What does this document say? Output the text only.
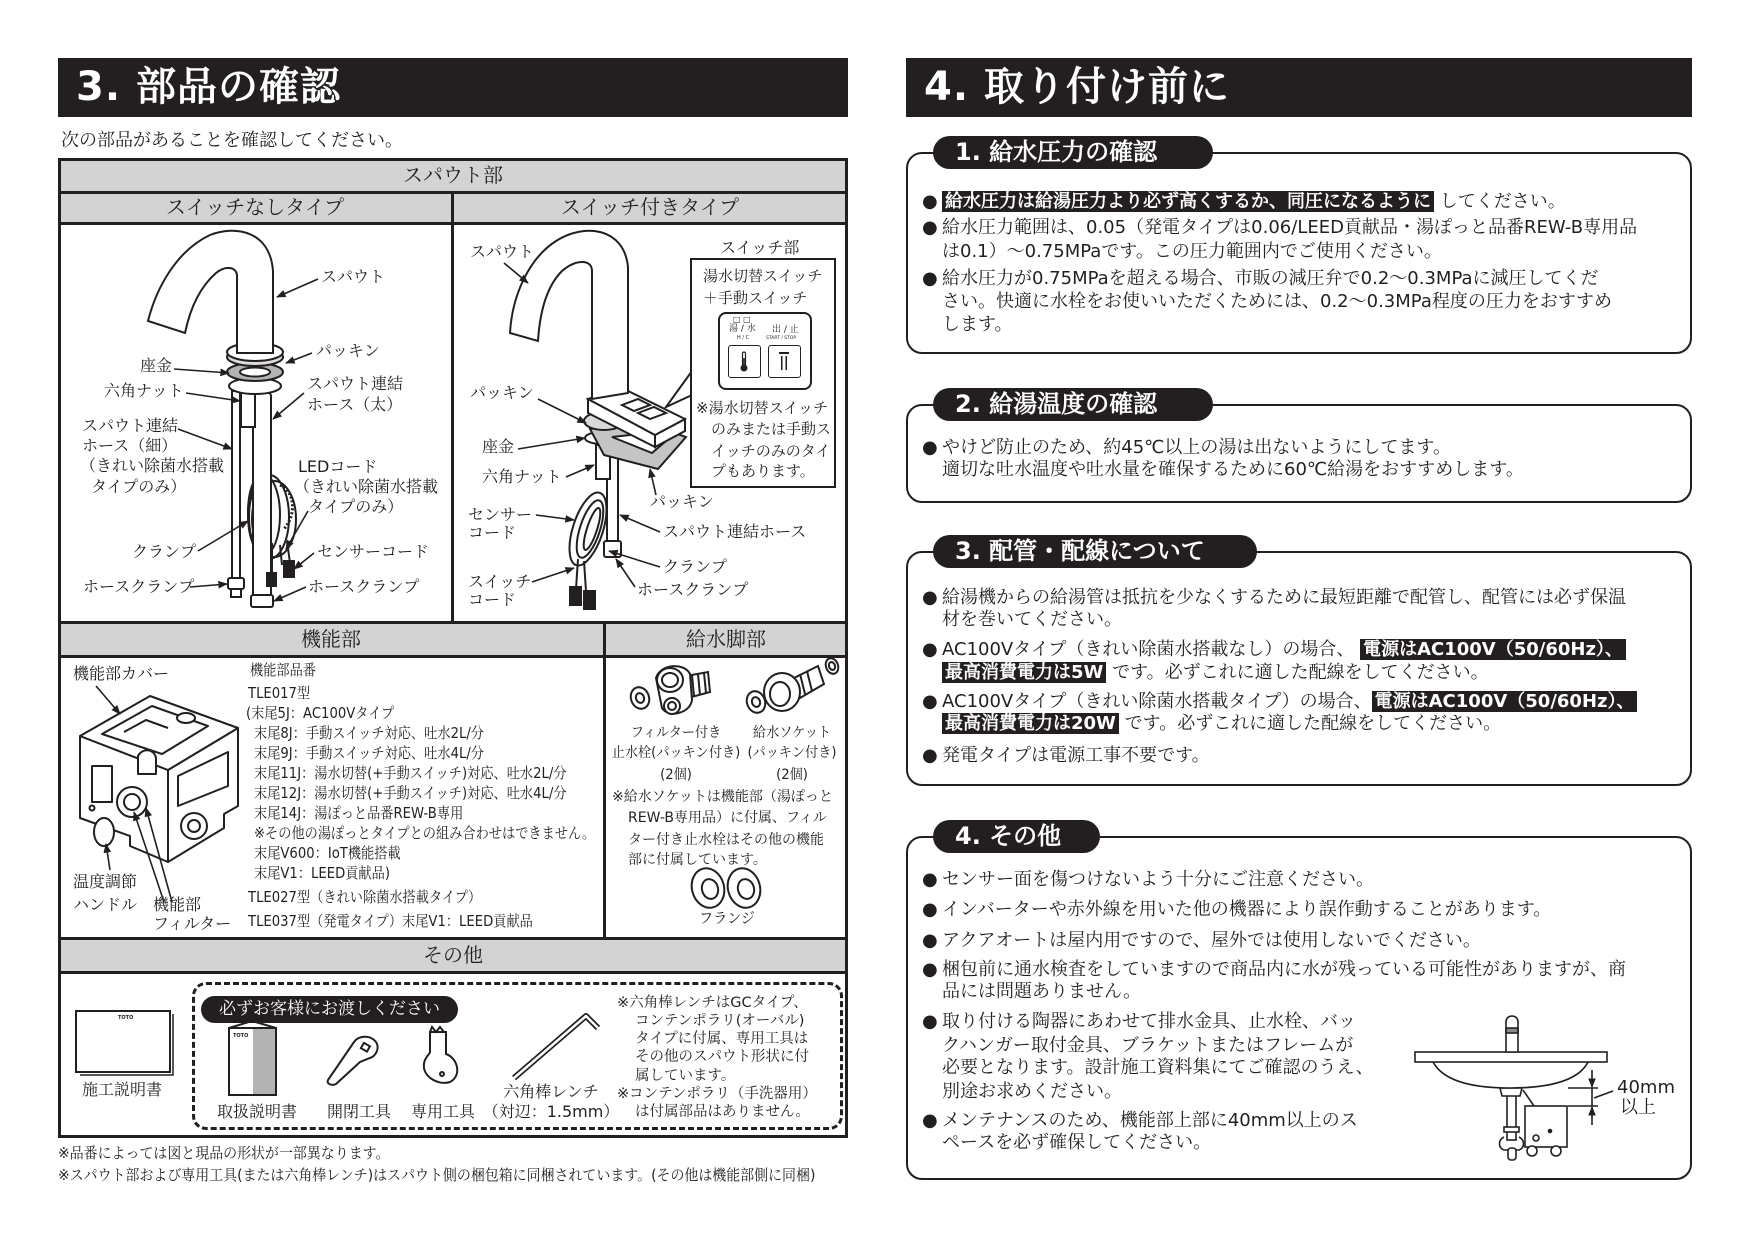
3. 部品の確認
次の部品があることを確認してください。
スパウト部
スイッチなしタイプ	スイッチ付きタイプ
機能部	給水脚部
その他
スパウト
パッキン
座金
六角ナット	スパウト連結
ホース（太）
スパウト連結
ホース（細）
（きれい除菌水搭載
タイプのみ）
LEDコード
（きれい除菌水搭載
タイプのみ）
クランプ	センサーコード
ホースクランプ	ホースクランプ
スパウト	スイッチ部
パッキン
座金
六角ナット
パッキン
センサー
コード	スパウト連結ホース
クランプ
スイッチ
コード
ホースクランプ
湯水切替スイッチ
＋手動スイッチ
□ □
湯 / 水
H / C
出 / 止
START / STOP
※湯水切替スイッチ
のみまたは手動ス
イッチのみのタイ
プもあります。
機能部カバー
温度調節
ハンドル 機能部
フィルター
機能部品番
TLE017型
(末尾5J：AC100Vタイプ
末尾8J：手動スイッチ対応、吐水2L/分
末尾9J：手動スイッチ対応、吐水4L/分
末尾11J：湯水切替(+手動スイッチ)対応、吐水2L/分
末尾12J：湯水切替(+手動スイッチ)対応、吐水4L/分
末尾14J：湯ぽっと品番REW-B専用
※その他の湯ぽっとタイプとの組み合わせはできません。
末尾V600：IoT機能搭載
末尾V1：LEED貢献品)
TLE027型（きれい除菌水搭載タイプ）
TLE037型（発電タイプ）末尾V1：LEED貢献品
フィルター付き
止水栓(パッキン付き)
(2個)
給水ソケット
(パッキン付き)
(2個)
※給水ソケットは機能部（湯ぽっと
REW-B専用品）に付属、フィル
ター付き止水栓はその他の機能
部に付属しています。
フランジ
TOTO
TOTO
施工説明書
必ずお客様にお渡しください
取扱説明書 開閉工具 専用工具
六角棒レンチ
（対辺：1.5mm）
※六角棒レンチはGCタイプ、
コンテンポラリ(オーバル)
タイプに付属、専用工具は
その他のスパウト形状に付
属しています。
※コンテンポラリ（手洗器用）
は付属部品はありません。
※品番によっては図と現品の形状が一部異なります。
※スパウト部および専用工具(または六角棒レンチ)はスパウト側の梱包箱に同梱されています。(その他は機能部側に同梱)
4. 取り付け前に
1. 給水圧力の確認
● 給水圧力は給湯圧力より必ず高くするか、同圧になるように してください。
● 給水圧力範囲は、0.05（発電タイプは0.06/LEED貢献品・湯ぽっと品番REW-B専用品
は0.1）～0.75MPaです。この圧力範囲内でご使用ください。
● 給水圧力が0.75MPaを超える場合、市販の減圧弁で0.2～0.3MPaに減圧してくだ
さい。快適に水栓をお使いいただくためには、0.2～0.3MPa程度の圧力をおすすめ
します。
2. 給湯温度の確認
● やけど防止のため、約45℃以上の湯は出ないようにしてます。
適切な吐水温度や吐水量を確保するために60℃給湯をおすすめします。
3. 配管・配線について
● 給湯機からの給湯管は抵抗を少なくするために最短距離で配管し、配管には必ず保温
材を巻いてください。
● AC100Vタイプ（きれい除菌水搭載なし）の場合、 電源はAC100V（50/60Hz）、
最高消費電力は5W です。必ずこれに適した配線をしてください。
● AC100Vタイプ（きれい除菌水搭載タイプ）の場合、 電源はAC100V（50/60Hz）、
最高消費電力は20W です。必ずこれに適した配線をしてください。
● 発電タイプは電源工事不要です。
4. その他
● センサー面を傷つけないよう十分にご注意ください。
● インバーターや赤外線を用いた他の機器により誤作動することがあります。
● アクアオートは屋内用ですので、屋外では使用しないでください。
● 梱包前に通水検査をしていますので商品内に水が残っている可能性がありますが、商
品には問題ありません。
● 取り付ける陶器にあわせて排水金具、止水栓、バッ
クハンガー取付金具、ブラケットまたはフレームが
必要となります。設計施工資料集にてご確認のうえ、
別途お求めください。
● メンテナンスのため、機能部上部に40mm以上のス
ペースを必ず確保してください。
40mm
以上
